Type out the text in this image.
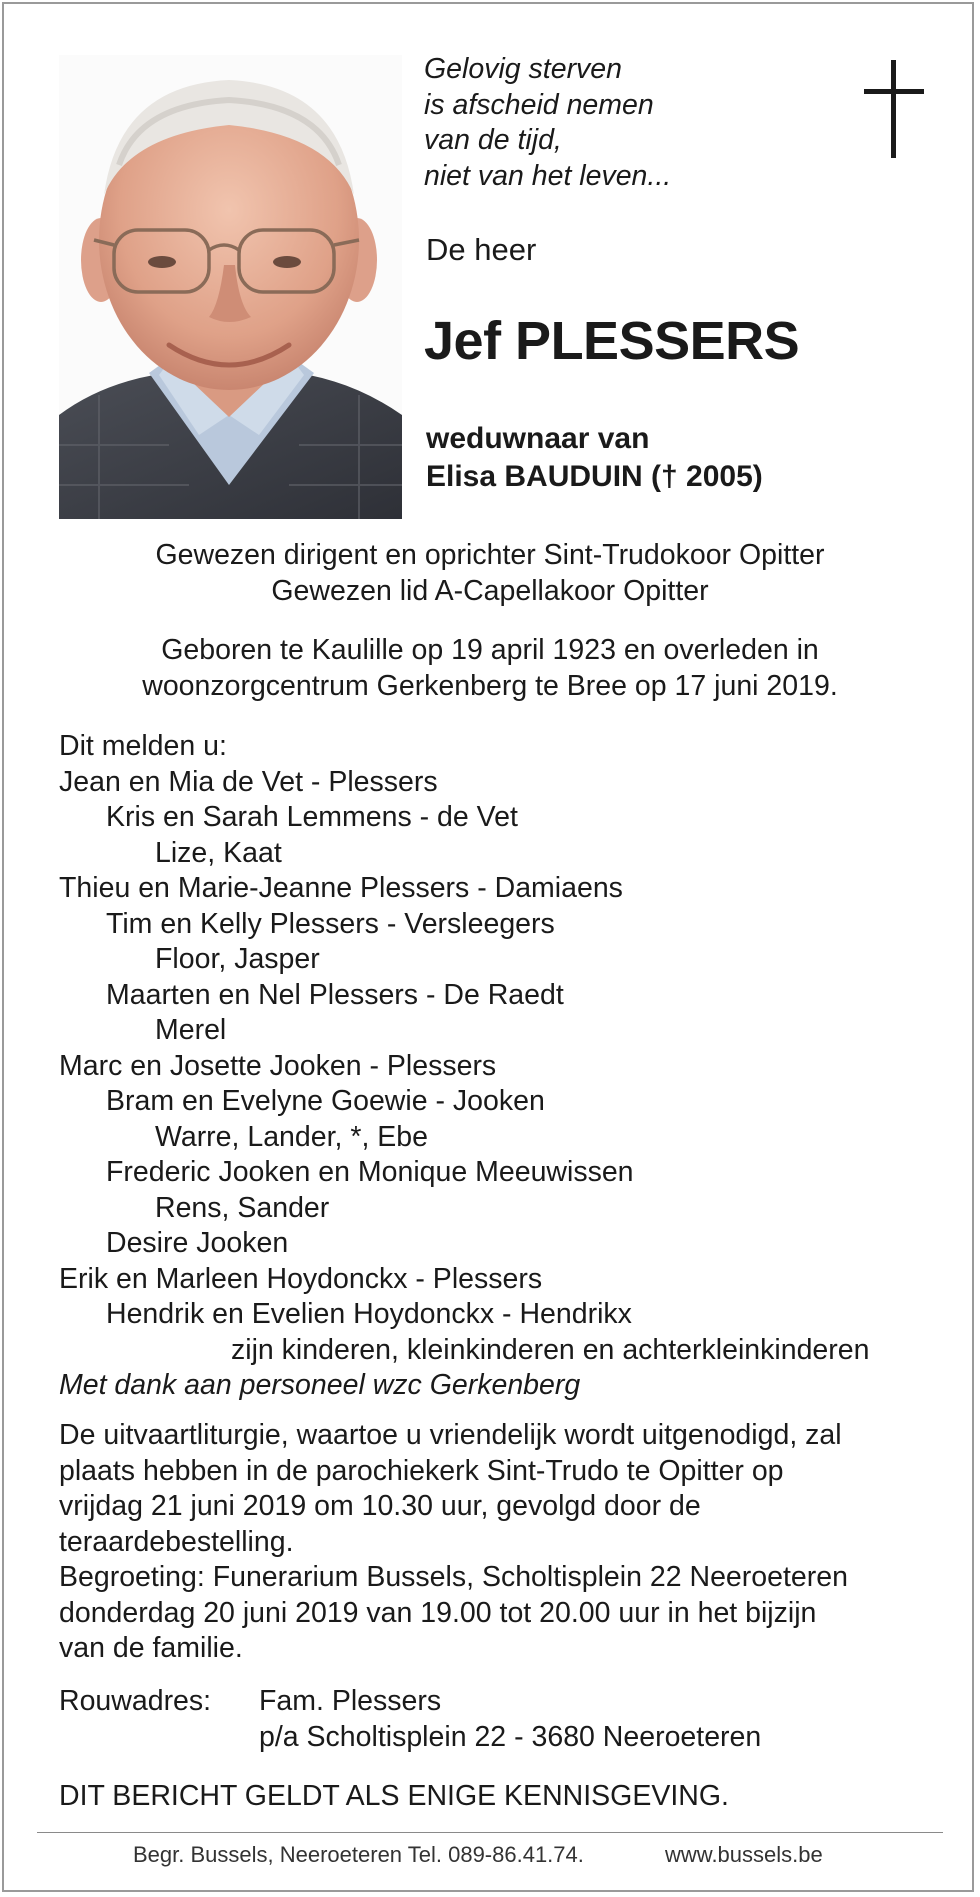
Gelovig sterven
is afscheid nemen
van de tijd,
niet van het leven...
De heer
Jef PLESSERS
weduwnaar van
Elisa BAUDUIN († 2005)
Gewezen dirigent en oprichter Sint-Trudokoor Opitter
Gewezen lid A-Capellakoor Opitter
Geboren te Kaulille op 19 april 1923 en overleden in
woonzorgcentrum Gerkenberg te Bree op 17 juni 2019.
Dit melden u:
Jean en Mia de Vet - Plessers
Kris en Sarah Lemmens - de Vet
Lize, Kaat
Thieu en Marie-Jeanne Plessers - Damiaens
Tim en Kelly Plessers - Versleegers
Floor, Jasper
Maarten en Nel Plessers - De Raedt
Merel
Marc en Josette Jooken - Plessers
Bram en Evelyne Goewie - Jooken
Warre, Lander, *, Ebe
Frederic Jooken en Monique Meeuwissen
Rens, Sander
Desire Jooken
Erik en Marleen Hoydonckx - Plessers
Hendrik en Evelien Hoydonckx - Hendrikx
zijn kinderen, kleinkinderen en achterkleinkinderen
Met dank aan personeel wzc Gerkenberg
De uitvaartliturgie, waartoe u vriendelijk wordt uitgenodigd, zal
plaats hebben in de parochiekerk Sint-Trudo te Opitter op
vrijdag 21 juni 2019 om 10.30 uur, gevolgd door de
teraardebestelling.
Begroeting: Funerarium Bussels, Scholtisplein 22 Neeroeteren
donderdag 20 juni 2019 van 19.00 tot 20.00 uur in het bijzijn
van de familie.
Rouwadres: Fam. Plessers
p/a Scholtisplein 22 - 3680 Neeroeteren
DIT BERICHT GELDT ALS ENIGE KENNISGEVING.
Begr. Bussels, Neeroeteren Tel. 089-86.41.74.	www.bussels.be
